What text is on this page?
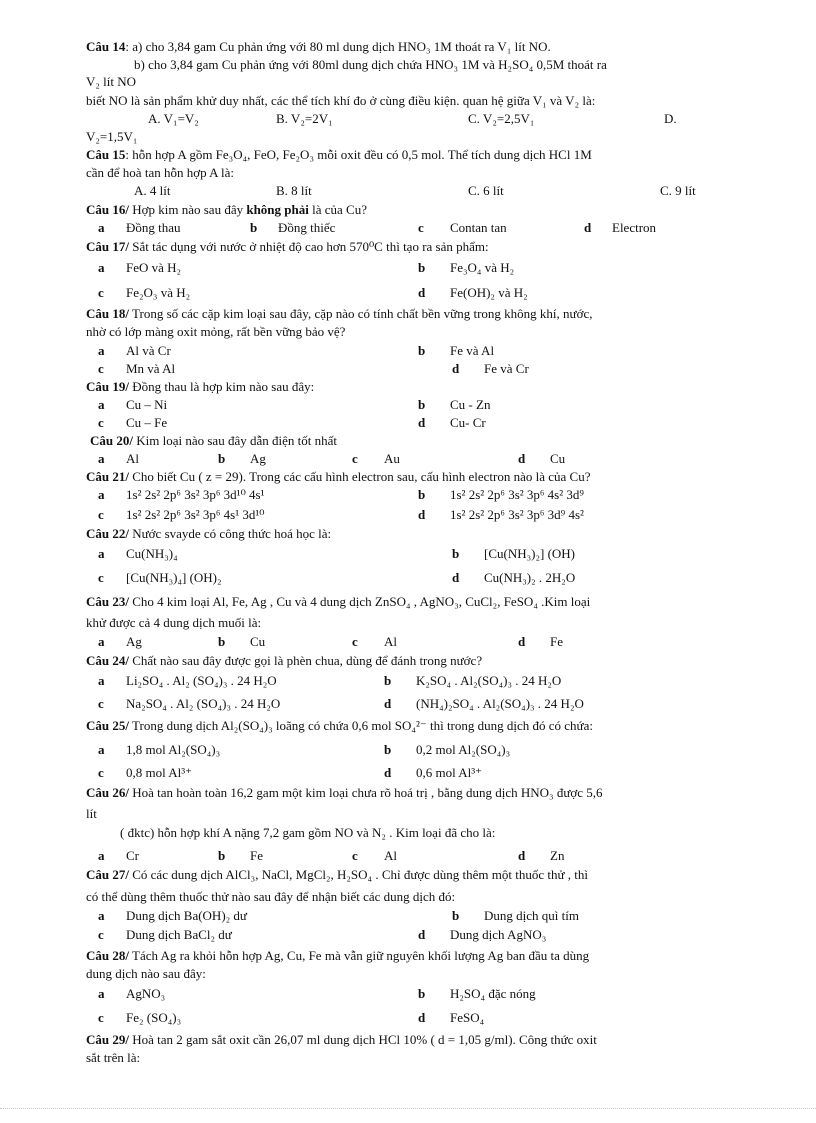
Câu 14: a) cho 3,84 gam Cu phản ứng với 80 ml dung dịch HNO₃ 1M thoát ra V₁ lít NO.
b) cho 3,84 gam Cu phản ứng với 80ml dung dịch chứa HNO₃ 1M và H₂SO₄ 0,5M thoát ra
V₂ lít NO
biết NO là sản phẩm khử duy nhất, các thể tích khí đo ở cùng điều kiện. quan hệ giữa V₁ và V₂ là:
A. V₁=V₂	B. V₂=2V₁	C. V₂=2,5V₁	D.
V₂=1,5V₁
Câu 15: hỗn hợp A gồm Fe₃O₄, FeO, Fe₂O₃ mỗi oxit đều có 0,5 mol. Thể tích dung dịch HCl 1M
cần để hoà tan hỗn hợp A là:
A. 4 lít	B. 8 lít	C. 6 lít	C. 9 lít
Câu 16/ Hợp kim nào sau đây không phải là của Cu?
a Đồng thau	b Đồng thiếc	c Contan tan	d Electron
Câu 17/ Sắt tác dụng với nước ở nhiệt độ cao hơn 570⁰C thì tạo ra sản phẩm:
a FeO và H₂	b Fe₃O₄ và H₂
c Fe₂O₃ và H₂	d Fe(OH)₂ và H₂
Câu 18/ Trong số các cặp kim loại sau đây, cặp nào có tính chất bền vững trong không khí, nước,
nhờ có lớp màng oxit mỏng, rất bền vững bảo vệ?
a Al và Cr	b Fe và Al
c Mn và Al	d Fe và Cr
Câu 19/ Đồng thau là hợp kim nào sau đây:
a Cu – Ni	b Cu - Zn
c Cu – Fe	d Cu- Cr
Câu 20/ Kim loại nào sau đây dẫn điện tốt nhất
a Al	b Ag	c Au	d Cu
Câu 21/ Cho biết Cu ( z = 29). Trong các cấu hình electron sau, cấu hình electron nào là của Cu?
a 1s² 2s² 2p⁶ 3s² 3p⁶ 3d¹⁰ 4s¹	b 1s² 2s² 2p⁶ 3s² 3p⁶ 4s² 3d⁹
c 1s² 2s² 2p⁶ 3s² 3p⁶ 4s¹ 3d¹⁰	d 1s² 2s² 2p⁶ 3s² 3p⁶ 3d⁹ 4s²
Câu 22/ Nước svayde có công thức hoá học là:
a Cu(NH₃)₄	b [Cu(NH₃)₂] (OH)
c [Cu(NH₃)₄] (OH)₂	d Cu(NH₃)₂ . 2H₂O
Câu 23/ Cho 4 kim loại Al, Fe, Ag , Cu và 4 dung dịch ZnSO₄ , AgNO₃, CuCl₂, FeSO₄ .Kim loại
khử được cả 4 dung dịch muối là:
a Ag	b Cu	c Al	d Fe
Câu 24/ Chất nào sau đây được gọi là phèn chua, dùng để đánh trong nước?
a Li₂SO₄ . Al₂ (SO₄)₃ . 24 H₂O	b K₂SO₄ . Al₂(SO₄)₃ . 24 H₂O
c Na₂SO₄ . Al₂ (SO₄)₃ . 24 H₂O	d (NH₄)₂SO₄ . Al₂(SO₄)₃ . 24 H₂O
Câu 25/ Trong dung dịch Al₂(SO₄)₃ loãng có chứa 0,6 mol SO₄²⁻ thì trong dung dịch đó có chứa:
a 1,8 mol Al₂(SO₄)₃	b 0,2 mol Al₂(SO₄)₃
c 0,8 mol Al³⁺	d 0,6 mol Al³⁺
Câu 26/ Hoà tan hoàn toàn 16,2 gam một kim loại chưa rõ hoá trị , bằng dung dịch HNO₃ được 5,6
lít
( đktc) hỗn hợp khí A nặng 7,2 gam gồm NO và N₂ . Kim loại đã cho là:
a Cr	b Fe	c Al	d Zn
Câu 27/ Có các dung dịch AlCl₃, NaCl, MgCl₂, H₂SO₄ . Chỉ được dùng thêm một thuốc thử , thì
có thể dùng thêm thuốc thử nào sau đây để nhận biết các dung dịch đó:
a Dung dịch Ba(OH)₂ dư	b Dung dịch quì tím
c Dung dịch BaCl₂ dư	d Dung dịch AgNO₃
Câu 28/ Tách Ag ra khỏi hỗn hợp Ag, Cu, Fe mà vẫn giữ nguyên khối lượng Ag ban đầu ta dùng
dung dịch nào sau đây:
a AgNO₃	b H₂SO₄ đặc nóng
c Fe₂ (SO₄)₃	d FeSO₄
Câu 29/ Hoà tan 2 gam sắt oxit cần 26,07 ml dung dịch HCl 10% ( d = 1,05 g/ml). Công thức oxit
sắt trên là:
